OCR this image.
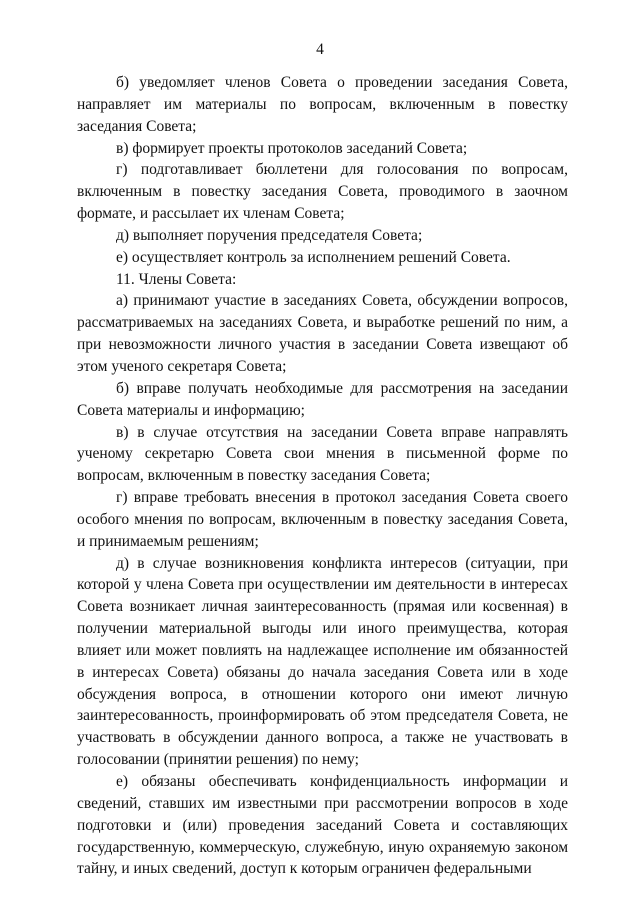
4

б) уведомляет членов Совета о проведении заседания Совета, направляет им материалы по вопросам, включенным в повестку заседания Совета;

в) формирует проекты протоколов заседаний Совета;

г) подготавливает бюллетени для голосования по вопросам, включенным в повестку заседания Совета, проводимого в заочном формате, и рассылает их членам Совета;

д) выполняет поручения председателя Совета;

е) осуществляет контроль за исполнением решений Совета.

11. Члены Совета:

а) принимают участие в заседаниях Совета, обсуждении вопросов, рассматриваемых на заседаниях Совета, и выработке решений по ним, а при невозможности личного участия в заседании Совета извещают об этом ученого секретаря Совета;

б) вправе получать необходимые для рассмотрения на заседании Совета материалы и информацию;

в) в случае отсутствия на заседании Совета вправе направлять ученому секретарю Совета свои мнения в письменной форме по вопросам, включенным в повестку заседания Совета;

г) вправе требовать внесения в протокол заседания Совета своего особого мнения по вопросам, включенным в повестку заседания Совета, и принимаемым решениям;

д) в случае возникновения конфликта интересов (ситуации, при которой у члена Совета при осуществлении им деятельности в интересах Совета возникает личная заинтересованность (прямая или косвенная) в получении материальной выгоды или иного преимущества, которая влияет или может повлиять на надлежащее исполнение им обязанностей в интересах Совета) обязаны до начала заседания Совета или в ходе обсуждения вопроса, в отношении которого они имеют личную заинтересованность, проинформировать об этом председателя Совета, не участвовать в обсуждении данного вопроса, а также не участвовать в голосовании (принятии решения) по нему;

е) обязаны обеспечивать конфиденциальность информации и сведений, ставших им известными при рассмотрении вопросов в ходе подготовки и (или) проведения заседаний Совета и составляющих государственную, коммерческую, служебную, иную охраняемую законом тайну, и иных сведений, доступ к которым ограничен федеральными
